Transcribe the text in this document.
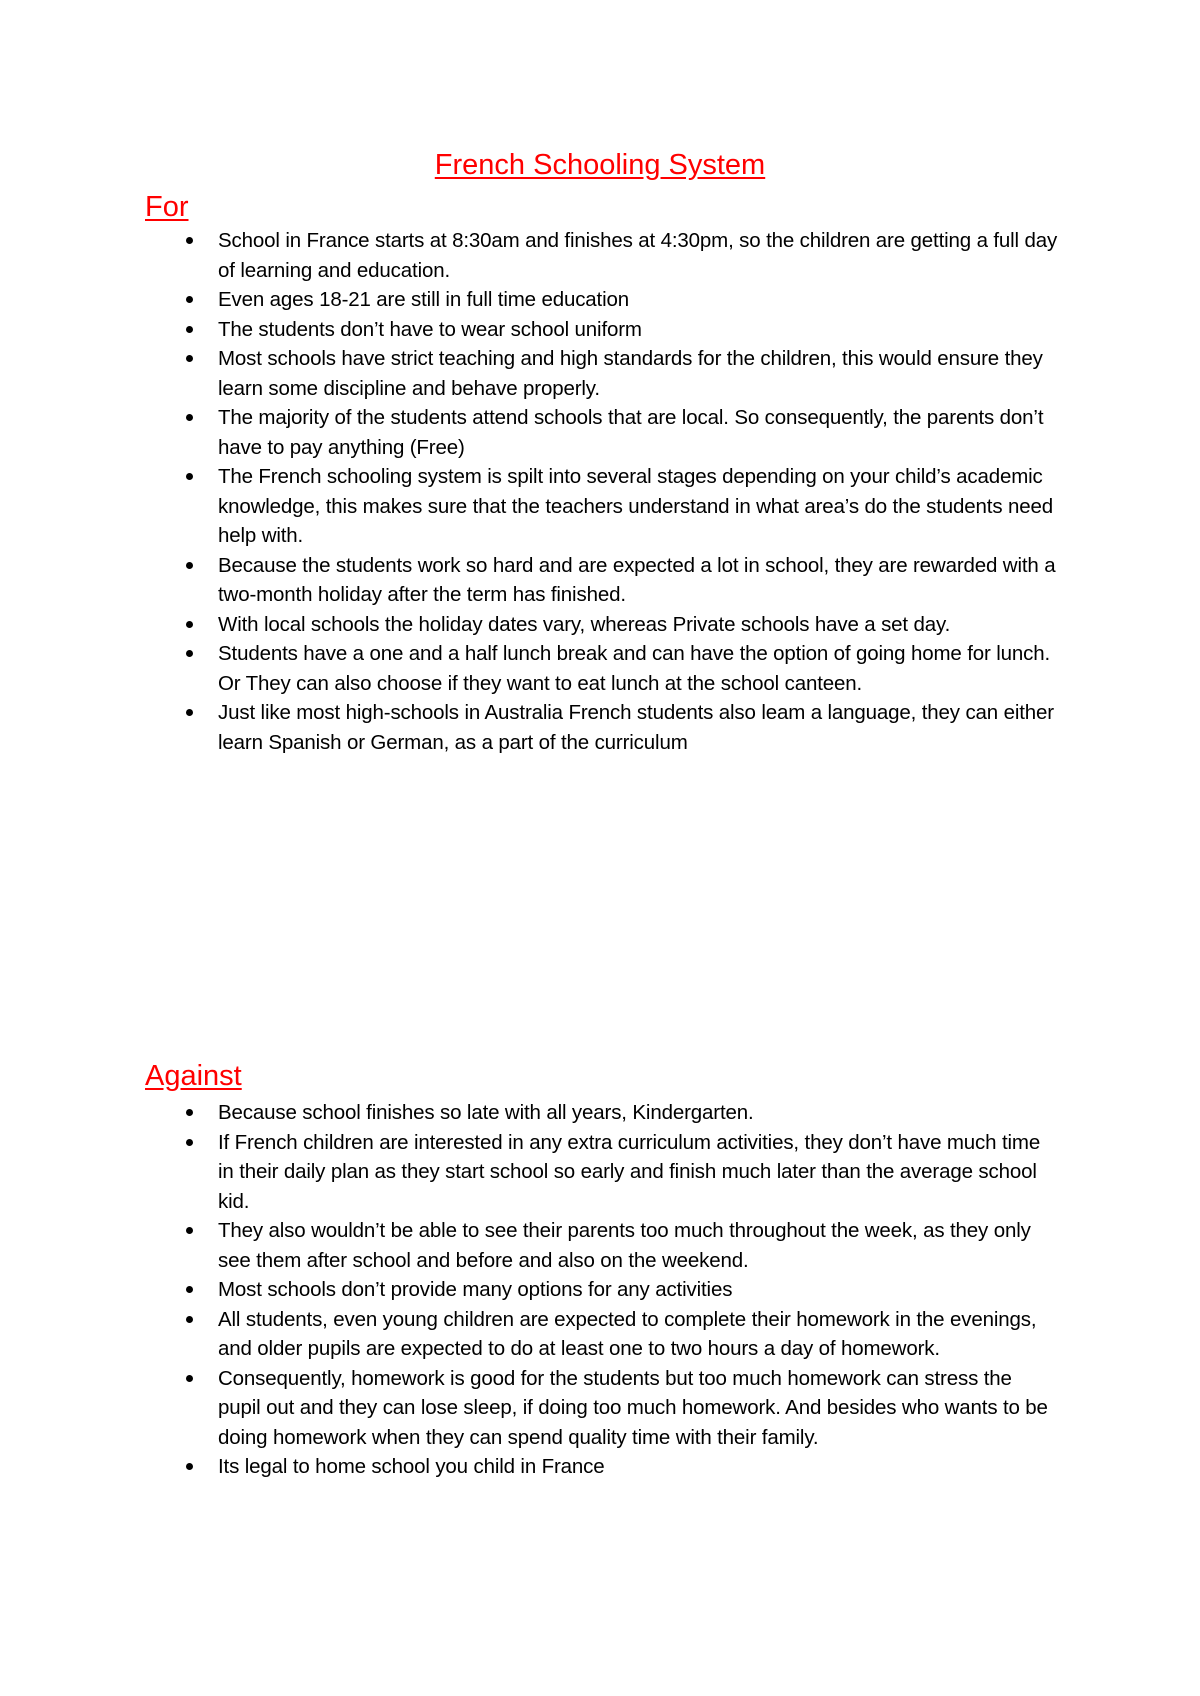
French Schooling System
For
School in France starts at 8:30am and finishes at 4:30pm, so the children are getting a full day of learning and education.
Even ages 18-21 are still in full time education
The students don’t have to wear school uniform
Most schools have strict teaching and high standards for the children, this would ensure they learn some discipline and behave properly.
The majority of the students attend schools that are local. So consequently, the parents don’t have to pay anything (Free)
The French schooling system is spilt into several stages depending on your child’s academic knowledge, this makes sure that the teachers understand in what area’s do the students need help with.
Because the students work so hard and are expected a lot in school, they are rewarded with a two-month holiday after the term has finished.
With local schools the holiday dates vary, whereas Private schools have a set day.
Students have a one and a half lunch break and can have the option of going home for lunch. Or They can also choose if they want to eat lunch at the school canteen.
Just like most high-schools in Australia French students also leam a language, they can either learn Spanish or German, as a part of the curriculum
Against
Because school finishes so late with all years, Kindergarten.
If French children are interested in any extra curriculum activities, they don’t have much time in their daily plan as they start school so early and finish much later than the average school kid.
They also wouldn’t be able to see their parents too much throughout the week, as they only see them after school and before and also on the weekend.
Most schools don’t provide many options for any activities
All students, even young children are expected to complete their homework in the evenings, and older pupils are expected to do at least one to two hours a day of homework.
Consequently, homework is good for the students but too much homework can stress the pupil out and they can lose sleep, if doing too much homework. And besides who wants to be doing homework when they can spend quality time with their family.
Its legal to home school you child in France
